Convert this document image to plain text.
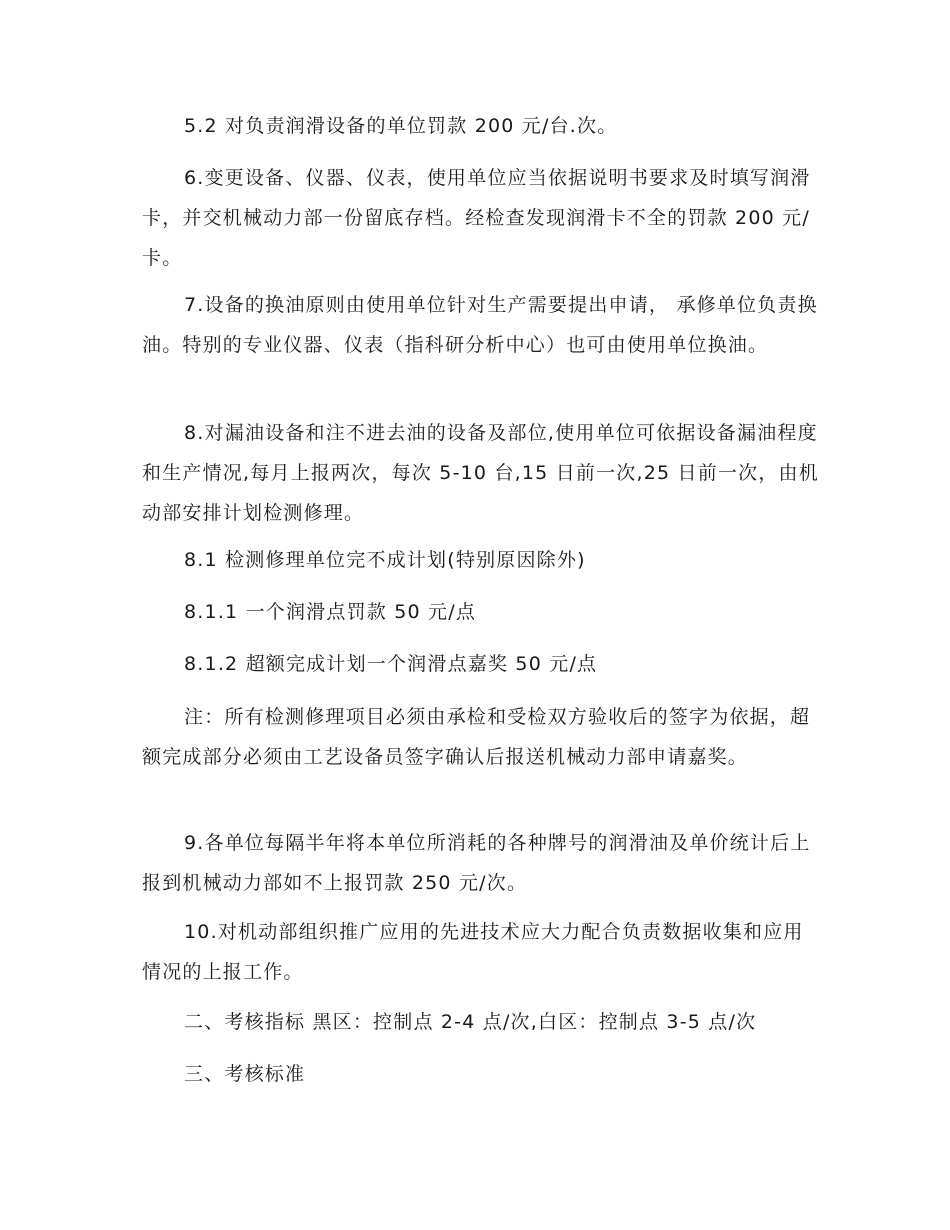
5.2 对负责润滑设备的单位罚款 200 元/台.次。

6.变更设备、仪器、仪表，使用单位应当依据说明书要求及时填写润滑卡，并交机械动力部一份留底存档。经检查发现润滑卡不全的罚款 200 元/卡。

7.设备的换油原则由使用单位针对生产需要提出申请， 承修单位负责换油。特别的专业仪器、仪表（指科研分析中心）也可由使用单位换油。

8.对漏油设备和注不进去油的设备及部位,使用单位可依据设备漏油程度和生产情况,每月上报两次，每次 5-10 台,15 日前一次,25 日前一次，由机动部安排计划检测修理。

8.1 检测修理单位完不成计划(特别原因除外)

8.1.1 一个润滑点罚款 50 元/点

8.1.2 超额完成计划一个润滑点嘉奖 50 元/点

注：所有检测修理项目必须由承检和受检双方验收后的签字为依据，超额完成部分必须由工艺设备员签字确认后报送机械动力部申请嘉奖。

9.各单位每隔半年将本单位所消耗的各种牌号的润滑油及单价统计后上报到机械动力部如不上报罚款 250 元/次。

10.对机动部组织推广应用的先进技术应大力配合负责数据收集和应用情况的上报工作。

二、考核指标 黑区：控制点 2-4 点/次,白区：控制点 3-5 点/次

三、考核标准
